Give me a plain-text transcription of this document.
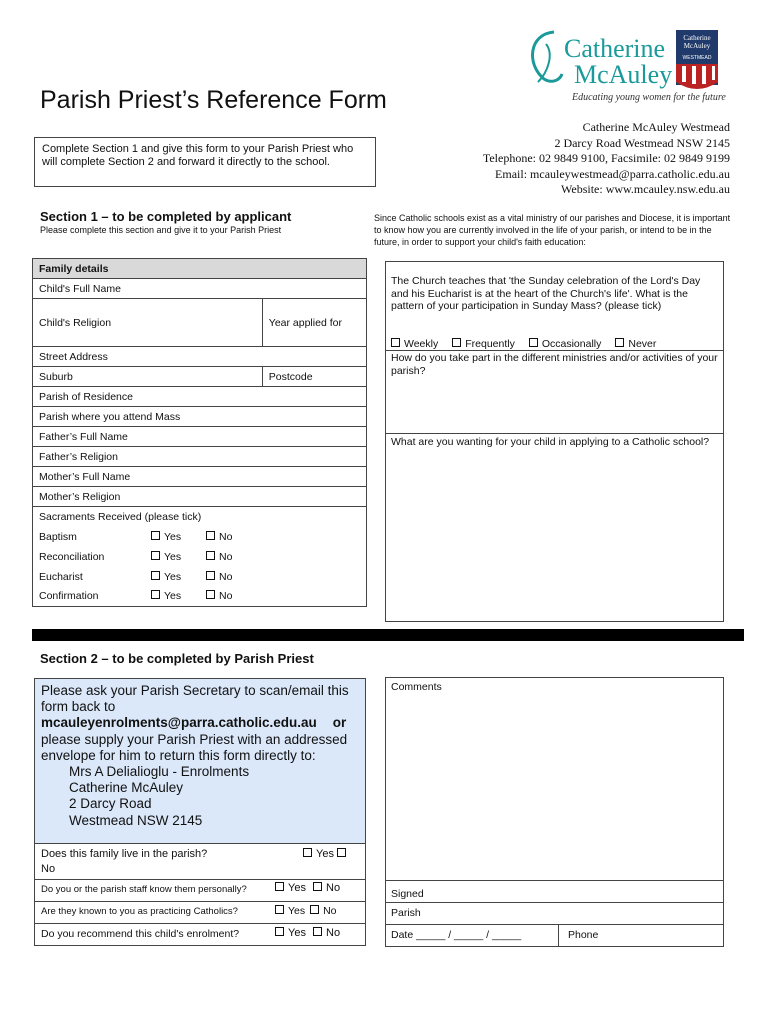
Parish Priest’s Reference Form
Catherine
McAuley
Catherine McAuley
WESTMEAD
Educating young women for the future
Catherine McAuley Westmead
2 Darcy Road Westmead NSW 2145
Telephone: 02 9849 9100, Facsimile: 02 9849 9199
Email: mcauleywestmead@parra.catholic.edu.au
Website: www.mcauley.nsw.edu.au
Complete Section 1 and give this form to your Parish Priest who will complete Section 2 and forward it directly to the school.
Section 1 – to be completed by applicant
Please complete this section and give it to your Parish Priest
Since Catholic schools exist as a vital ministry of our parishes and Diocese, it is important to know how you are currently involved in the life of your parish, or intend to be in the future, in order to support your child's faith education:
Family details	
Child's Full Name	
Child's Religion	Year applied for
Street Address	
Suburb	Postcode
Parish of Residence	
Parish where you attend Mass	
Father’s Full Name	
Father’s Religion	
Mother’s Full Name	
Mother’s Religion	
Sacraments Received (please tick)	
Baptism Yes No	
Reconciliation Yes No	
Eucharist Yes No	
Confirmation Yes No	
The Church teaches that 'the Sunday celebration of the Lord's Day and his Eucharist is at the heart of the Church's life'. What is the pattern of your participation in Sunday Mass? (please tick)
Weekly	Frequently	Occasionally	Never
How do you take part in the different ministries and/or activities of your parish?
What are you wanting for your child in applying to a Catholic school?
Section 2 – to be completed by Parish Priest
Please ask your Parish Secretary to scan/email this form back to
mcauleyenrolments@parra.catholic.edu.au or
please supply your Parish Priest with an addressed envelope for him to return this form directly to:
Mrs A Delialioglu - Enrolments
Catherine McAuley
2 Darcy Road
Westmead NSW 2145
Does this family live in the parish?	Yes

No
Do you or the parish staff know them personally?	Yes No
Are they known to you as practicing Catholics?	Yes No
Do you recommend this child's enrolment?	Yes No
Comments
Signed
Parish
Date _____ / _____ / _____	Phone
